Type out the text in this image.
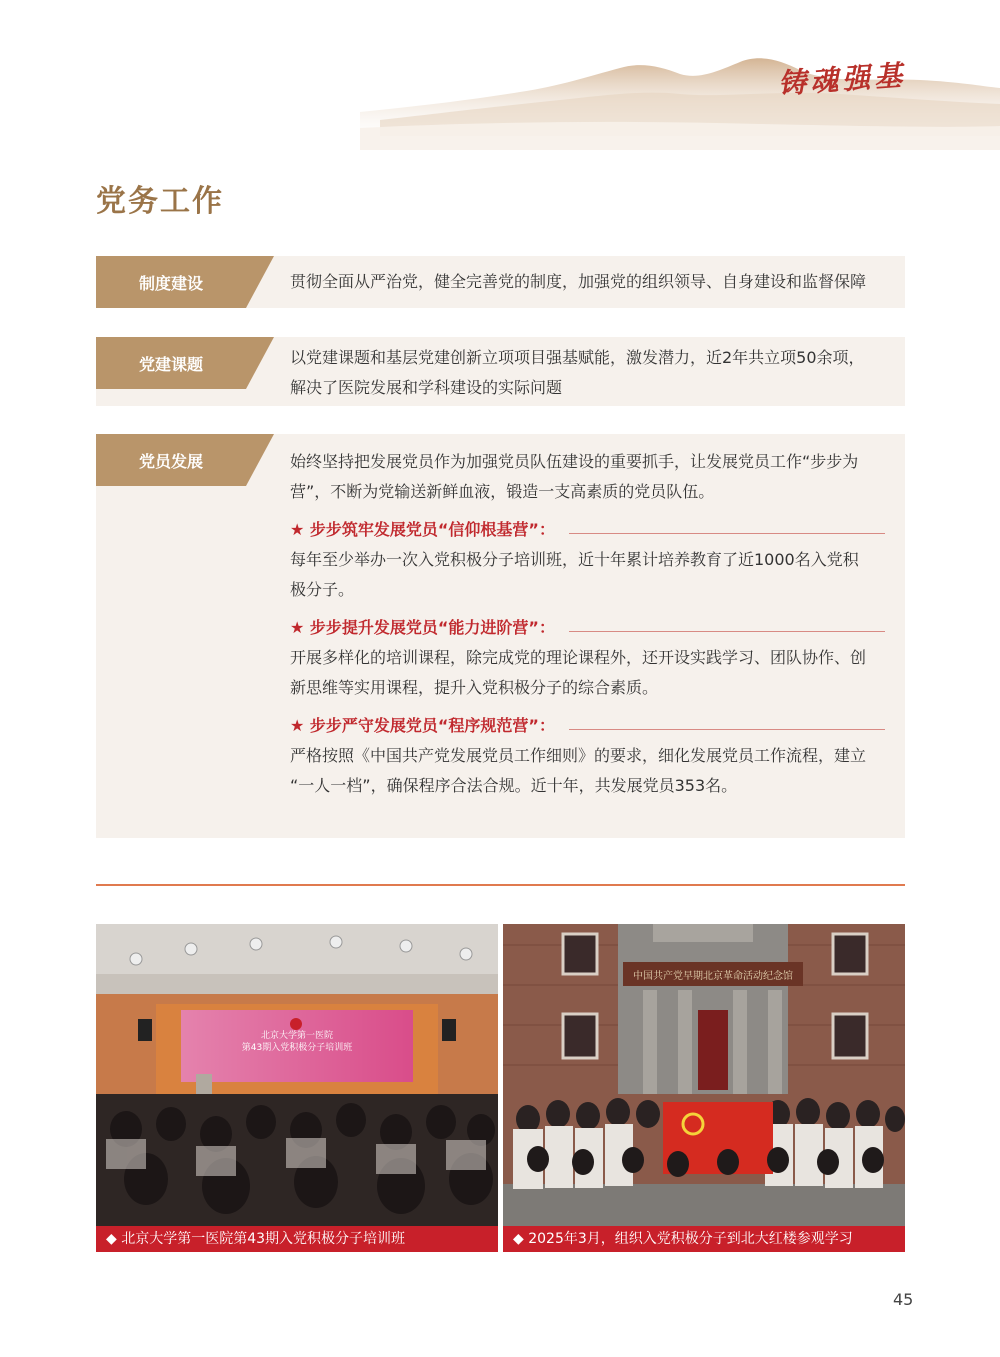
铸魂强基
党务工作
制度建设	贯彻全面从严治党，健全完善党的制度，加强党的组织领导、自身建设和监督保障
党建课题	以党建课题和基层党建创新立项项目强基赋能，激发潜力，近2年共立项50余项，
解决了医院发展和学科建设的实际问题
党员发展	始终坚持把发展党员作为加强党员队伍建设的重要抓手，让发展党员工作“步步为
营”，不断为党输送新鲜血液，锻造一支高素质的党员队伍。
★ 步步筑牢发展党员“信仰根基营”：
每年至少举办一次入党积极分子培训班，近十年累计培养教育了近1000名入党积
极分子。
★ 步步提升发展党员“能力进阶营”：
开展多样化的培训课程，除完成党的理论课程外，还开设实践学习、团队协作、创
新思维等实用课程，提升入党积极分子的综合素质。
★ 步步严守发展党员“程序规范营”：
严格按照《中国共产党发展党员工作细则》的要求，细化发展党员工作流程，建立
“一人一档”，确保程序合法合规。近十年，共发展党员353名。
北京大学第一医院
第43期入党积极分子培训班
◆ 北京大学第一医院第43期入党积极分子培训班
中国共产党早期北京革命活动纪念馆
◆ 2025年3月，组织入党积极分子到北大红楼参观学习
45
